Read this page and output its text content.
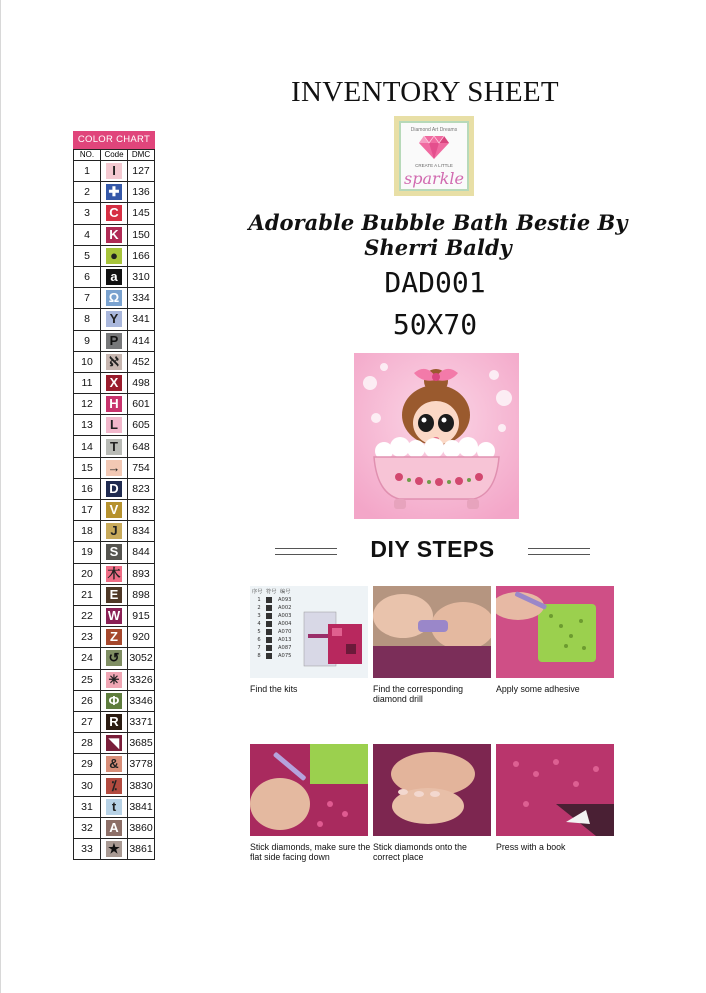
COLOR CHART
NO.	Code	DMC
1	I	127
2	✚	136
3	C	145
4	K	150
5	●	166
6	a	310
7	Ω	334
8	Y	341
9	P	414
10	ℵ	452
11	X	498
12	H	601
13	L	605
14	T	648
15	→	754
16	D	823
17	V	832
18	J	834
19	S	844
20	⽊	893
21	E	898
22	W	915
23	Z	920
24	↺	3052
25	✳	3326
26	Φ	3346
27	R	3371
28	◥	3685
29	&	3778
30	⁒	3830
31	t	3841
32	A	3860
33	★	3861
INVENTORY SHEET
Diamond Art Dreams
CREATE A LITTLE
sparkle
Adorable Bubble Bath Bestie By Sherri Baldy
DAD001
50X70
DIY STEPS
序号 符号 编号
1	A093
2	A002
3	A003
4	A004
5	A070
6	A013
7	A087
8	A075
Find the kits	Find the corresponding diamond drill
Apply some adhesive
Stick diamonds, make sure the flat side facing down
Stick diamonds onto the correct place
Press with a book
